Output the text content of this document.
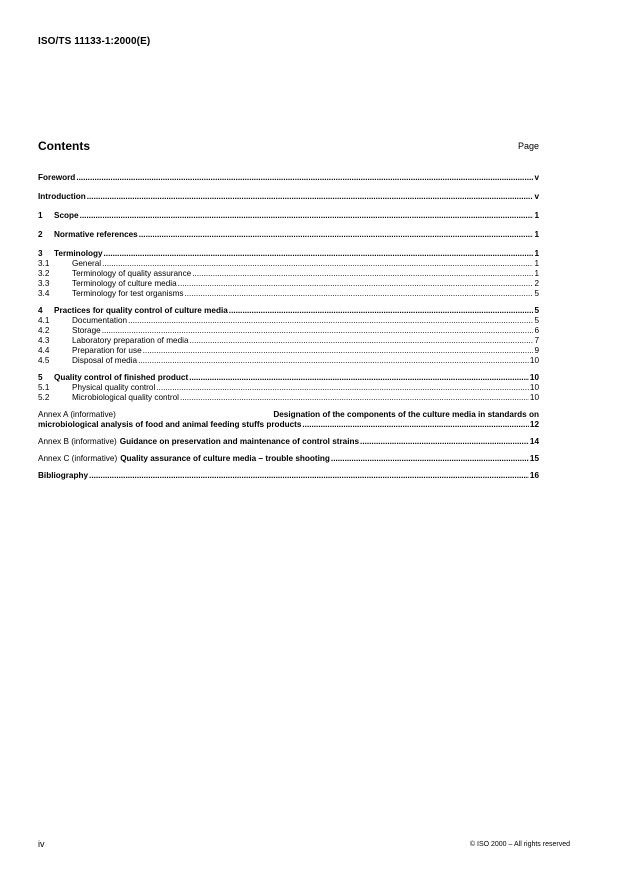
ISO/TS 11133-1:2000(E)
Contents	Page
Foreword .....	v
Introduction .....	v
1	Scope .....	1
2	Normative references .....	1
3	Terminology .....	1
3.1	General .....	1
3.2	Terminology of quality assurance .....	1
3.3	Terminology of culture media .....	2
3.4	Terminology for test organisms .....	5
4	Practices for quality control of culture media .....	5
4.1	Documentation .....	5
4.2	Storage .....	6
4.3	Laboratory preparation of media .....	7
4.4	Preparation for use .....	9
4.5	Disposal of media .....	10
5	Quality control of finished product .....	10
5.1	Physical quality control .....	10
5.2	Microbiological quality control .....	10
Annex A (informative)	Designation of the components of the culture media in standards on
microbiological analysis of food and animal feeding stuffs products .....	12
Annex B (informative) Guidance on preservation and maintenance of control strains .....	14
Annex C (informative) Quality assurance of culture media – trouble shooting .....	15
Bibliography .....	16
iv	© ISO 2000 – All rights reserved
